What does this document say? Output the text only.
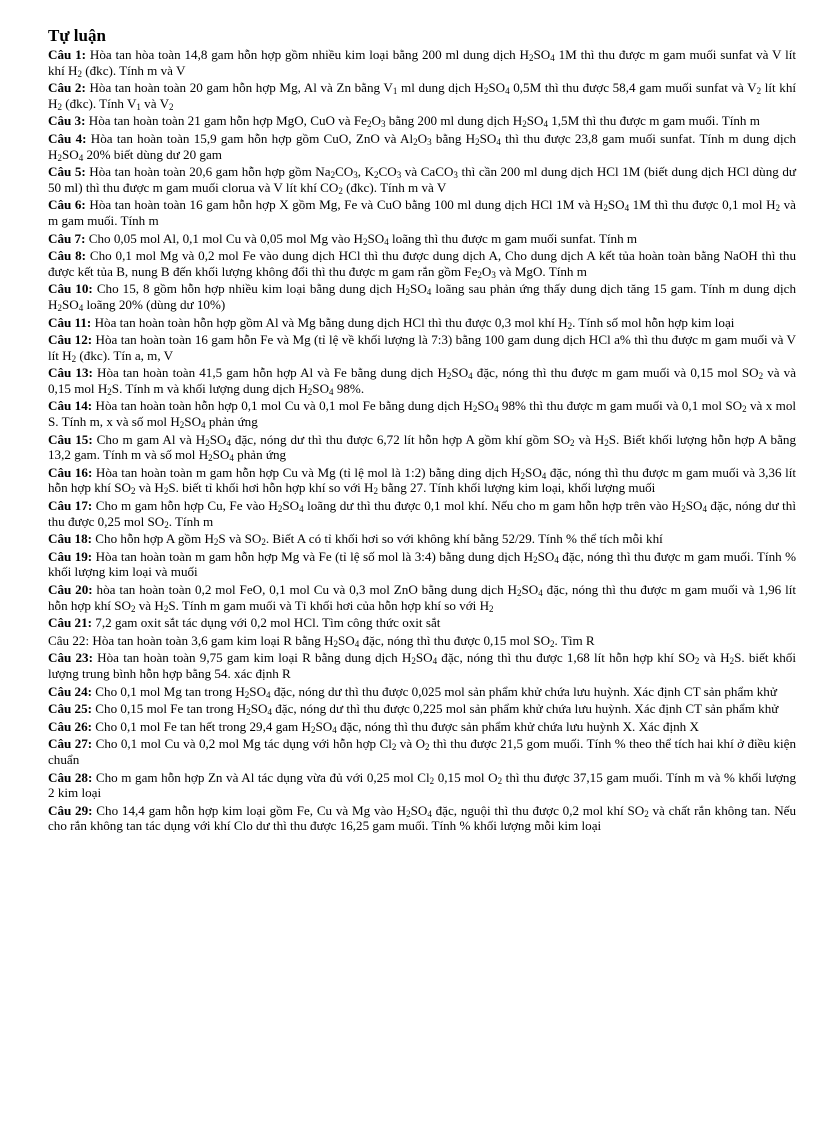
Tự luận
Câu 1: Hòa tan hòa toàn 14,8 gam hỗn hợp gồm nhiều kim loại bằng 200 ml dung dịch $H_2SO_4$ 1M thì thu được m gam muối sunfat và V lít khí $H_2$ (đkc). Tính m và V
Câu 2: Hòa tan hoàn toàn 20 gam hỗn hợp Mg, Al và Zn bằng $V_1$ ml dung dịch $H_2SO_4$ 0,5M thì thu được 58,4 gam muối sunfat và $V_2$ lít khí $H_2$ (đkc). Tính $V_1$ và $V_2$
Câu 3: Hòa tan hoàn toàn 21 gam hỗn hợp MgO, CuO và $Fe_2O_3$ bằng 200 ml dung dịch $H_2SO_4$ 1,5M thì thu được m gam muối. Tính m
Câu 4: Hòa tan hoàn toàn 15,9 gam hỗn hợp gồm CuO, ZnO và $Al_2O_3$ bằng $H_2SO_4$ thì thu được 23,8 gam muối sunfat. Tính m dung dịch $H_2SO_4$ 20% biết dùng dư 20 gam
Câu 5: Hòa tan hoàn toàn 20,6 gam hỗn hợp gồm $Na_2CO_3$, $K_2CO_3$ và CaCO$_3$ thì cần 200 ml dung dịch HCl 1M (biết dung dịch HCl dùng dư 50 ml) thì thu được m gam muối clorua và V lít khí $CO_2$ (đkc). Tính m và V
Câu 6: Hòa tan hoàn toàn 16 gam hỗn hợp X gồm Mg, Fe và CuO bằng 100 ml dung dịch HCl 1M và $H_2SO_4$ 1M thì thu được 0,1 mol $H_2$ và m gam muối. Tính m
Câu 7: Cho 0,05 mol Al, 0,1 mol Cu và 0,05 mol Mg vào $H_2SO_4$ loãng thì thu được m gam muối sunfat. Tính m
Câu 8: Cho 0,1 mol Mg và 0,2 mol Fe vào dung dịch HCl thì thu được dung dịch A, Cho dung dịch A kết tủa hoàn toàn bằng NaOH thì thu được kết tủa B, nung B đến khối lượng không đổi thì thu được m gam rắn gồm $Fe_2O_3$ và MgO. Tính m
Câu 10: Cho 15, 8 gồm hỗn hợp nhiều kim loại bằng dung dịch $H_2SO_4$ loãng sau phản ứng thấy dung dịch tăng 15 gam. Tính m dung dịch $H_2SO_4$ loãng 20% (dùng dư 10%)
Câu 11: Hòa tan hoàn toàn hỗn hợp gồm Al và Mg bằng dung dịch HCl thì thu được 0,3 mol khí $H_2$. Tính số mol hỗn hợp kim loại
Câu 12: Hòa tan hoàn toàn 16 gam hỗn Fe và Mg (tỉ lệ về khối lượng là 7:3) bằng 100 gam dung dịch HCl a% thì thu được m gam muối và V lít $H_2$ (đkc). Tín a, m, V
Câu 13: Hòa tan hoàn toàn 41,5 gam hỗn hợp Al và Fe bằng dung dịch $H_2SO_4$ đặc, nóng thì thu được m gam muối và 0,15 mol $SO_2$ và và 0,15 mol $H_2S$. Tính m và khối lượng dung dịch $H_2SO_4$ 98%.
Câu 14: Hòa tan hoàn toàn hỗn hợp 0,1 mol Cu và 0,1 mol Fe bằng dung dịch $H_2SO_4$ 98% thì thu được m gam muối và 0,1 mol $SO_2$ và x mol S. Tính m, x và số mol $H_2SO_4$ phản ứng
Câu 15: Cho m gam Al và $H_2SO_4$ đặc, nóng dư thì thu được 6,72 lít hỗn hợp A gồm khí gồm $SO_2$ và $H_2S$. Biết khối lượng hỗn hợp A bằng 13,2 gam. Tính m và số mol $H_2SO_4$ phản ứng
Câu 16: Hòa tan hoàn toàn m gam hỗn hợp Cu và Mg (tỉ lệ mol là 1:2) bằng ding dịch $H_2SO_4$ đặc, nóng thì thu được m gam muối và 3,36 lít hỗn hợp khí $SO_2$ và $H_2S$. biết tỉ khối hơi hỗn hợp khí so với $H_2$ bằng 27. Tính khối lượng kim loại, khối lượng muối
Câu 17: Cho m gam hỗn hợp Cu, Fe vào $H_2SO_4$ loãng dư thì thu được 0,1 mol khí. Nếu cho m gam hỗn hợp trên vào $H_2SO_4$ đặc, nóng dư thì thu được 0,25 mol $SO_2$. Tính m
Câu 18: Cho hỗn hợp A gồm $H_2S$ và $SO_2$. Biết A có tỉ khối hơi so với không khí bằng 52/29. Tính % thể tích mỗi khí
Câu 19: Hòa tan hoàn toàn m gam hỗn hợp Mg và Fe (tỉ lệ số mol là 3:4) bằng dung dịch $H_2SO_4$ đặc, nóng thì thu được m gam muối. Tính % khối lượng kim loại và muối
Câu 20: hòa tan hoàn toàn 0,2 mol FeO, 0,1 mol Cu và 0,3 mol ZnO bằng dung dịch $H_2SO_4$ đặc, nóng thì thu được m gam muối và 1,96 lít hỗn hợp khí $SO_2$ và $H_2S$. Tính m gam muối và Tỉ khối hơi của hỗn hợp khí so với $H_2$
Câu 21: 7,2 gam oxit sắt tác dụng với 0,2 mol HCl. Tìm công thức oxit sắt
Câu 22: Hòa tan hoàn toàn 3,6 gam kim loại R bằng $H_2SO_4$ đặc, nóng thì thu được 0,15 mol $SO_2$. Tìm R
Câu 23: Hòa tan hoàn toàn 9,75 gam kim loại R bằng dung dịch $H_2SO_4$ đặc, nóng thì thu được 1,68 lít hỗn hợp khí $SO_2$ và $H_2S$. biết khối lượng trung bình hỗn hợp bằng 54. xác định R
Câu 24: Cho 0,1 mol Mg tan trong $H_2SO_4$ đặc, nóng dư thì thu được 0,025 mol sản phẩm khử chứa lưu huỳnh. Xác định CT sản phẩm khử
Câu 25: Cho 0,15 mol Fe tan trong $H_2SO_4$ đặc, nóng dư thì thu được 0,225 mol sản phẩm khử chứa lưu huỳnh. Xác định CT sản phẩm khử
Câu 26: Cho 0,1 mol Fe tan hết trong 29,4 gam $H_2SO_4$ đặc, nóng thì thu được sản phẩm khử chứa lưu huỳnh X. Xác định X
Câu 27: Cho 0,1 mol Cu và 0,2 mol Mg tác dụng với hỗn hợp $Cl_2$ và $O_2$ thì thu được 21,5 gom muối. Tính % theo thể tích hai khí ở điều kiện chuẩn
Câu 28: Cho m gam hỗn hợp Zn và Al tác dụng vừa đủ với 0,25 mol $Cl_2$ 0,15 mol $O_2$ thì thu được 37,15 gam muối. Tính m và % khối lượng 2 kim loại
Câu 29: Cho 14,4 gam hỗn hợp kim loại gồm Fe, Cu và Mg vào $H_2SO_4$ đặc, nguội thì thu được 0,2 mol khí $SO_2$ và chất rắn không tan. Nếu cho rắn không tan tác dụng với khí Clo dư thì thu được 16,25 gam muối. Tính % khối lượng mỗi kim loại
